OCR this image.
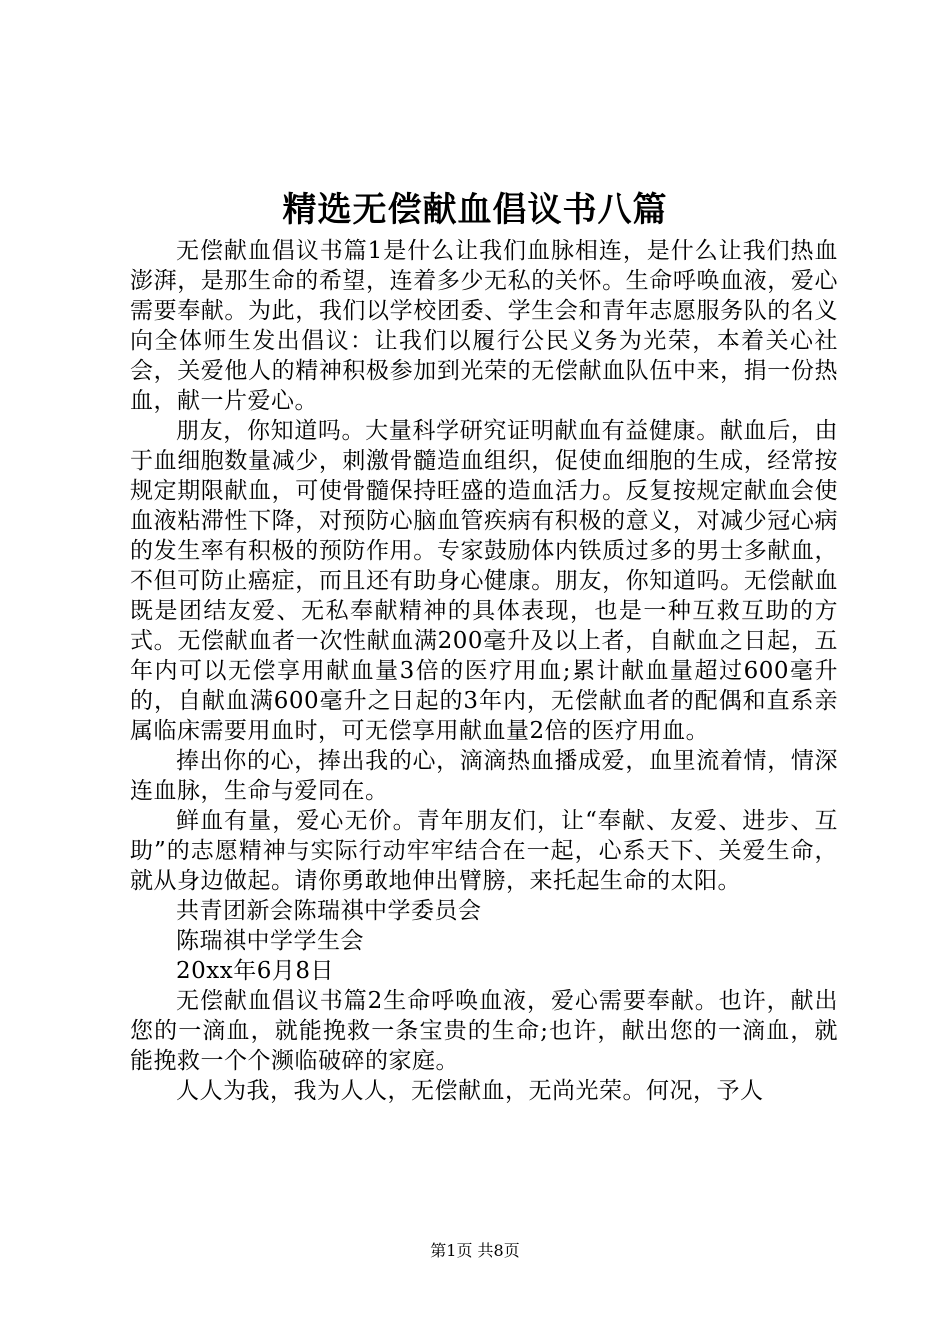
精选无偿献血倡议书八篇

无偿献血倡议书篇1是什么让我们血脉相连，是什么让我们热血澎湃，是那生命的希望，连着多少无私的关怀。生命呼唤血液，爱心需要奉献。为此，我们以学校团委、学生会和青年志愿服务队的名义向全体师生发出倡议：让我们以履行公民义务为光荣，本着关心社会，关爱他人的精神积极参加到光荣的无偿献血队伍中来，捐一份热血，献一片爱心。

朋友，你知道吗。大量科学研究证明献血有益健康。献血后，由于血细胞数量减少，刺激骨髓造血组织，促使血细胞的生成，经常按规定期限献血，可使骨髓保持旺盛的造血活力。反复按规定献血会使血液粘滞性下降，对预防心脑血管疾病有积极的意义，对减少冠心病的发生率有积极的预防作用。专家鼓励体内铁质过多的男士多献血，不但可防止癌症，而且还有助身心健康。朋友，你知道吗。无偿献血既是团结友爱、无私奉献精神的具体表现，也是一种互救互助的方式。无偿献血者一次性献血满200毫升及以上者，自献血之日起，五年内可以无偿享用献血量3倍的医疗用血;累计献血量超过600毫升的，自献血满600毫升之日起的3年内，无偿献血者的配偶和直系亲属临床需要用血时，可无偿享用献血量2倍的医疗用血。

捧出你的心，捧出我的心，滴滴热血播成爱，血里流着情，情深连血脉，生命与爱同在。

鲜血有量，爱心无价。青年朋友们，让“奉献、友爱、进步、互助”的志愿精神与实际行动牢牢结合在一起，心系天下、关爱生命，就从身边做起。请你勇敢地伸出臂膀，来托起生命的太阳。

共青团新会陈瑞祺中学委员会

陈瑞祺中学学生会

20xx年6月8日

无偿献血倡议书篇2生命呼唤血液，爱心需要奉献。也许，献出您的一滴血，就能挽救一条宝贵的生命;也许，献出您的一滴血，就能挽救一个个濒临破碎的家庭。

人人为我，我为人人，无偿献血，无尚光荣。何况，予人

第1页 共8页
